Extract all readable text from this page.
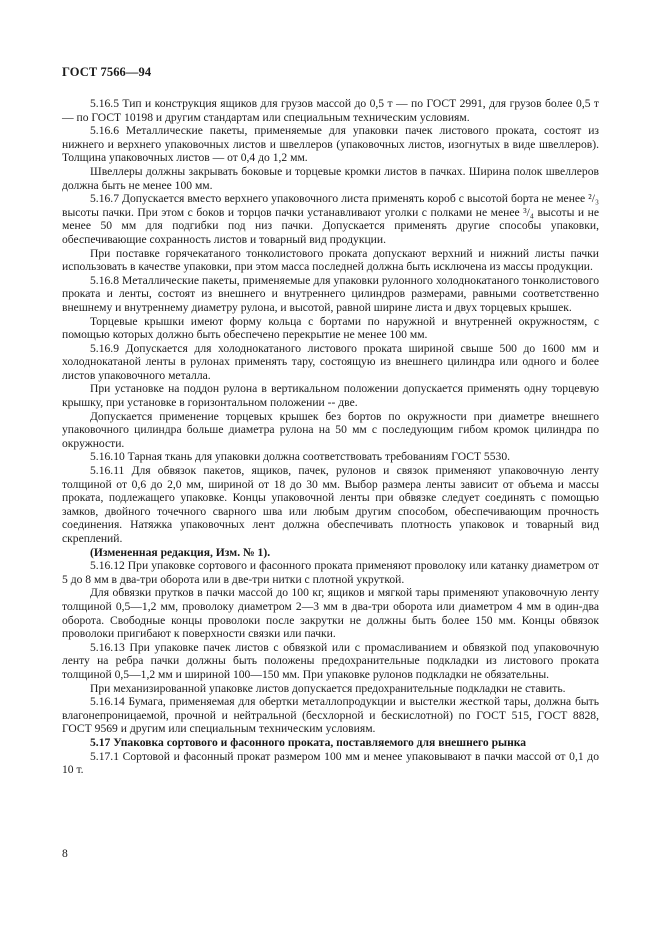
ГОСТ 7566—94

5.16.5 Тип и конструкция ящиков для грузов массой до 0,5 т — по ГОСТ 2991, для грузов более 0,5 т — по ГОСТ 10198 и другим стандартам или специальным техническим условиям.

5.16.6 Металлические пакеты, применяемые для упаковки пачек листового проката, состоят из нижнего и верхнего упаковочных листов и швеллеров (упаковочных листов, изогнутых в виде швеллеров). Толщина упаковочных листов — от 0,4 до 1,2 мм.

Швеллеры должны закрывать боковые и торцевые кромки листов в пачках. Ширина полок швеллеров должна быть не менее 100 мм.

5.16.7 Допускается вместо верхнего упаковочного листа применять короб с высотой борта не менее ²/₃ высоты пачки. При этом с боков и торцов пачки устанавливают уголки с полками не менее ³/₄ высоты и не менее 50 мм для подгибки под низ пачки. Допускается применять другие способы упаковки, обеспечивающие сохранность листов и товарный вид продукции.

При поставке горячекатаного тонколистового проката допускают верхний и нижний листы пачки использовать в качестве упаковки, при этом масса последней должна быть исключена из массы продукции.

5.16.8 Металлические пакеты, применяемые для упаковки рулонного холоднокатаного тонколистового проката и ленты, состоят из внешнего и внутреннего цилиндров размерами, равными соответственно внешнему и внутреннему диаметру рулона, и высотой, равной ширине листа и двух торцевых крышек.

Торцевые крышки имеют форму кольца с бортами по наружной и внутренней окружностям, с помощью которых должно быть обеспечено перекрытие не менее 100 мм.

5.16.9 Допускается для холоднокатаного листового проката шириной свыше 500 до 1600 мм и холоднокатаной ленты в рулонах применять тару, состоящую из внешнего цилиндра или одного и более листов упаковочного металла.

При установке на поддон рулона в вертикальном положении допускается применять одну торцевую крышку, при установке в горизонтальном положении -- две.

Допускается применение торцевых крышек без бортов по окружности при диаметре внешнего упаковочного цилиндра больше диаметра рулона на 50 мм с последующим гибом кромок цилиндра по окружности.

5.16.10 Тарная ткань для упаковки должна соответствовать требованиям ГОСТ 5530.

5.16.11 Для обвязок пакетов, ящиков, пачек, рулонов и связок применяют упаковочную ленту толщиной от 0,6 до 2,0 мм, шириной от 18 до 30 мм. Выбор размера ленты зависит от объема и массы проката, подлежащего упаковке. Концы упаковочной ленты при обвязке следует соединять с помощью замков, двойного точечного сварного шва или любым другим способом, обеспечивающим прочность соединения. Натяжка упаковочных лент должна обеспечивать плотность упаковок и товарный вид скреплений.

(Измененная редакция, Изм. № 1).

5.16.12 При упаковке сортового и фасонного проката применяют проволоку или катанку диаметром от 5 до 8 мм в два-три оборота или в две-три нитки с плотной укруткой.

Для обвязки прутков в пачки массой до 100 кг, ящиков и мягкой тары применяют упаковочную ленту толщиной 0,5—1,2 мм, проволоку диаметром 2—3 мм в два-три оборота или диаметром 4 мм в один-два оборота. Свободные концы проволоки после закрутки не должны быть более 150 мм. Концы обвязок проволоки пригибают к поверхности связки или пачки.

5.16.13 При упаковке пачек листов с обвязкой или с промасливанием и обвязкой под упаковочную ленту на ребра пачки должны быть положены предохранительные подкладки из листового проката толщиной 0,5—1,2 мм и шириной 100—150 мм. При упаковке рулонов подкладки не обязательны.

При механизированной упаковке листов допускается предохранительные подкладки не ставить.

5.16.14 Бумага, применяемая для обертки металлопродукции и выстелки жесткой тары, должна быть влагонепроницаемой, прочной и нейтральной (бесхлорной и бескислотной) по ГОСТ 515, ГОСТ 8828, ГОСТ 9569 и другим или специальным техническим условиям.

5.17 Упаковка сортового и фасонного проката, поставляемого для внешнего рынка

5.17.1 Сортовой и фасонный прокат размером 100 мм и менее упаковывают в пачки массой от 0,1 до 10 т.

8
